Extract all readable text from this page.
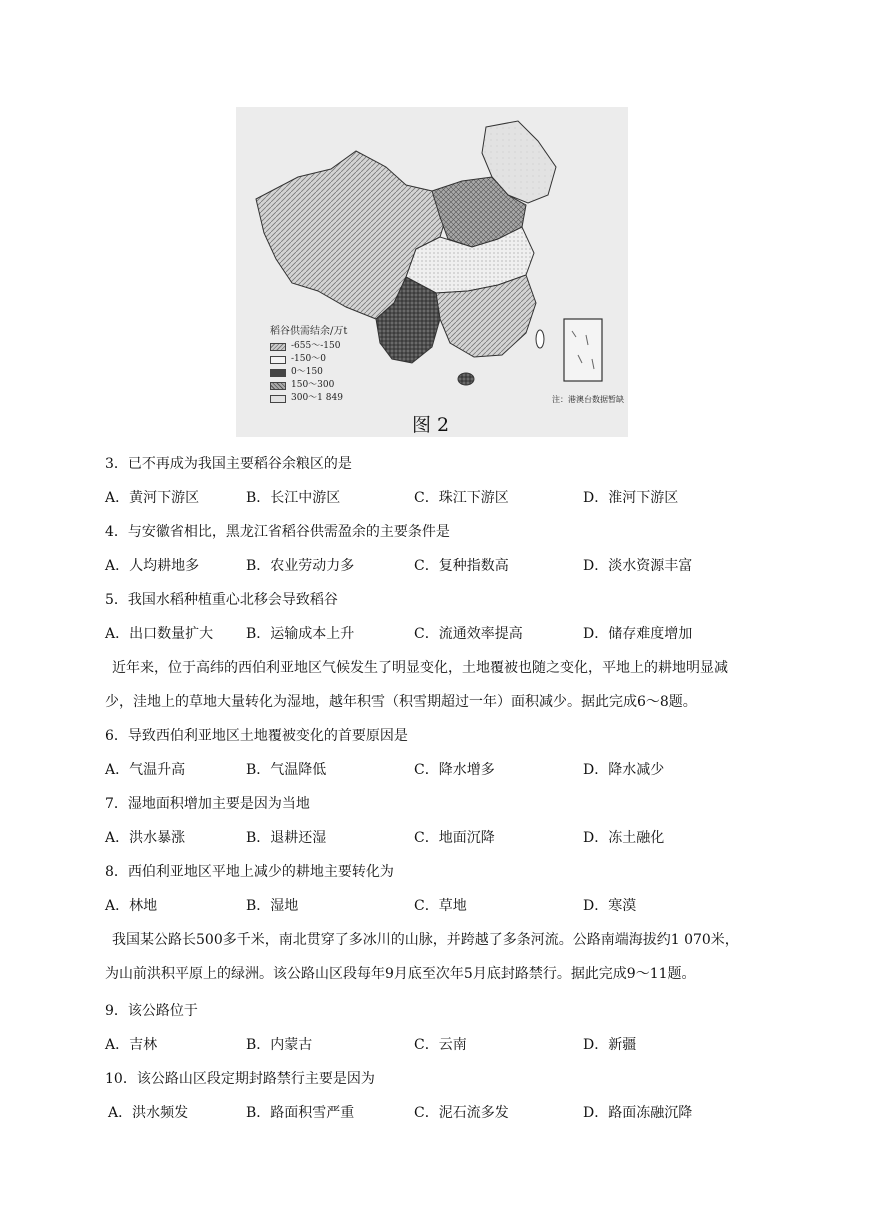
稻谷供需结余/万t
-655～-150
-150～0
0～150
150～300
300～1 849	注：港澳台数据暂缺
图 2
3．已不再成为我国主要稻谷余粮区的是
A．黄河下游区	B．长江中游区	C．珠江下游区	D．淮河下游区
4．与安徽省相比，黑龙江省稻谷供需盈余的主要条件是
A．人均耕地多	B．农业劳动力多	C．复种指数高	D．淡水资源丰富
5．我国水稻种植重心北移会导致稻谷
A．出口数量扩大 B．运输成本上升	C．流通效率提高	D．储存难度增加
近年来，位于高纬的西伯利亚地区气候发生了明显变化，土地覆被也随之变化，平地上的耕地明显减
少，洼地上的草地大量转化为湿地，越年积雪（积雪期超过一年）面积减少。据此完成6～8题。
6．导致西伯利亚地区土地覆被变化的首要原因是
A．气温升高	B．气温降低	C．降水增多	D．降水减少
7．湿地面积增加主要是因为当地
A．洪水暴涨	B．退耕还湿	C．地面沉降	D．冻土融化
8．西伯利亚地区平地上减少的耕地主要转化为
A．林地	B．湿地	C．草地	D．寒漠
我国某公路长500多千米，南北贯穿了多冰川的山脉，并跨越了多条河流。公路南端海拔约1 070米，
为山前洪积平原上的绿洲。该公路山区段每年9月底至次年5月底封路禁行。据此完成9～11题。
9．该公路位于
A．吉林	B．内蒙古	C．云南	D．新疆
10．该公路山区段定期封路禁行主要是因为
A．洪水频发	B．路面积雪严重	C．泥石流多发	D．路面冻融沉降
